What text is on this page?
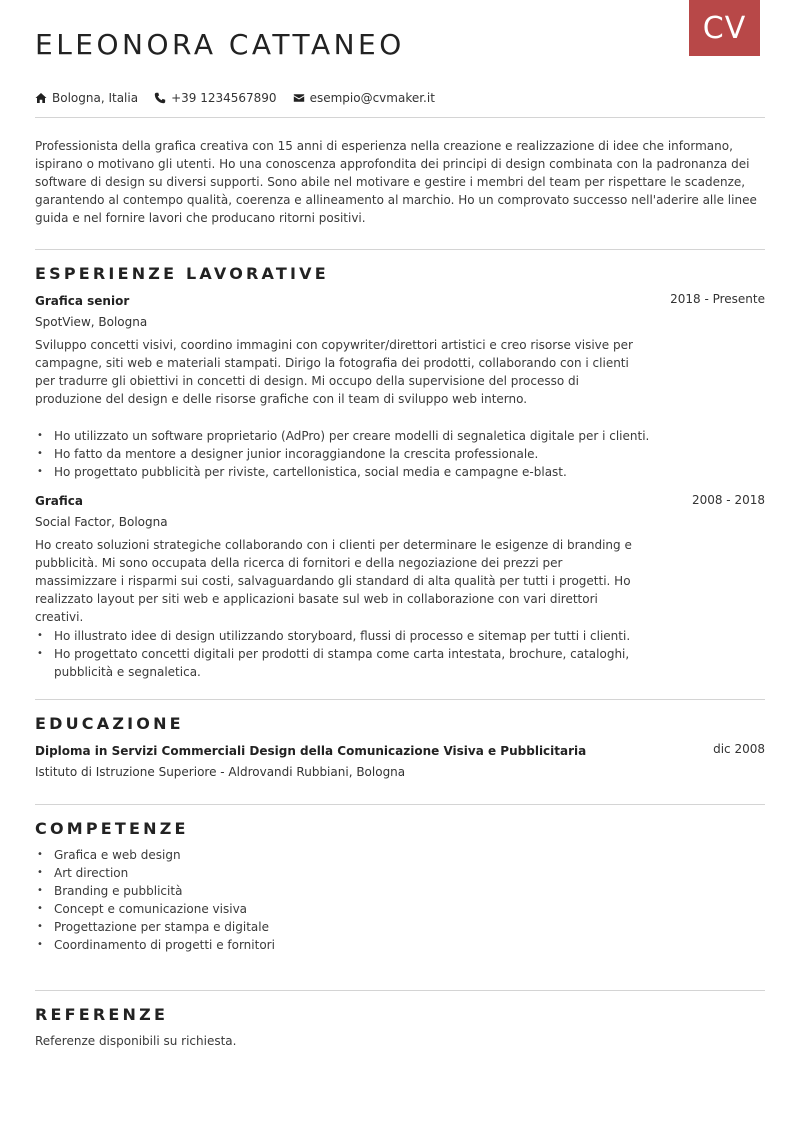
CV
ELEONORA CATTANEO
Bologna, Italia	+39 1234567890	esempio@cvmaker.it

Professionista della grafica creativa con 15 anni di esperienza nella creazione e realizzazione di idee che informano, ispirano o motivano gli utenti. Ho una conoscenza approfondita dei principi di design combinata con la padronanza dei software di design su diversi supporti. Sono abile nel motivare e gestire i membri del team per rispettare le scadenze, garantendo al contempo qualità, coerenza e allineamento al marchio. Ho un comprovato successo nell'aderire alle linee guida e nel fornire lavori che producano ritorni positivi.

ESPERIENZE LAVORATIVE
Grafica senior	2018 - Presente
SpotView, Bologna

Sviluppo concetti visivi, coordino immagini con copywriter/direttori artistici e creo risorse visive per campagne, siti web e materiali stampati. Dirigo la fotografia dei prodotti, collaborando con i clienti per tradurre gli obiettivi in concetti di design. Mi occupo della supervisione del processo di produzione del design e delle risorse grafiche con il team di sviluppo web interno.

• Ho utilizzato un software proprietario (AdPro) per creare modelli di segnaletica digitale per i clienti.
• Ho fatto da mentore a designer junior incoraggiandone la crescita professionale.
• Ho progettato pubblicità per riviste, cartellonistica, social media e campagne e-blast.
Grafica	2008 - 2018
Social Factor, Bologna

Ho creato soluzioni strategiche collaborando con i clienti per determinare le esigenze di branding e pubblicità. Mi sono occupata della ricerca di fornitori e della negoziazione dei prezzi per massimizzare i risparmi sui costi, salvaguardando gli standard di alta qualità per tutti i progetti. Ho realizzato layout per siti web e applicazioni basate sul web in collaborazione con vari direttori creativi.

• Ho illustrato idee di design utilizzando storyboard, flussi di processo e sitemap per tutti i clienti.
• Ho progettato concetti digitali per prodotti di stampa come carta intestata, brochure, cataloghi, pubblicità e segnaletica.
EDUCAZIONE
Diploma in Servizi Commerciali Design della Comunicazione Visiva e Pubblicitaria	dic 2008
Istituto di Istruzione Superiore - Aldrovandi Rubbiani, Bologna
COMPETENZE
• Grafica e web design
• Art direction
• Branding e pubblicità
• Concept e comunicazione visiva
• Progettazione per stampa e digitale
• Coordinamento di progetti e fornitori
REFERENZE

Referenze disponibili su richiesta.
